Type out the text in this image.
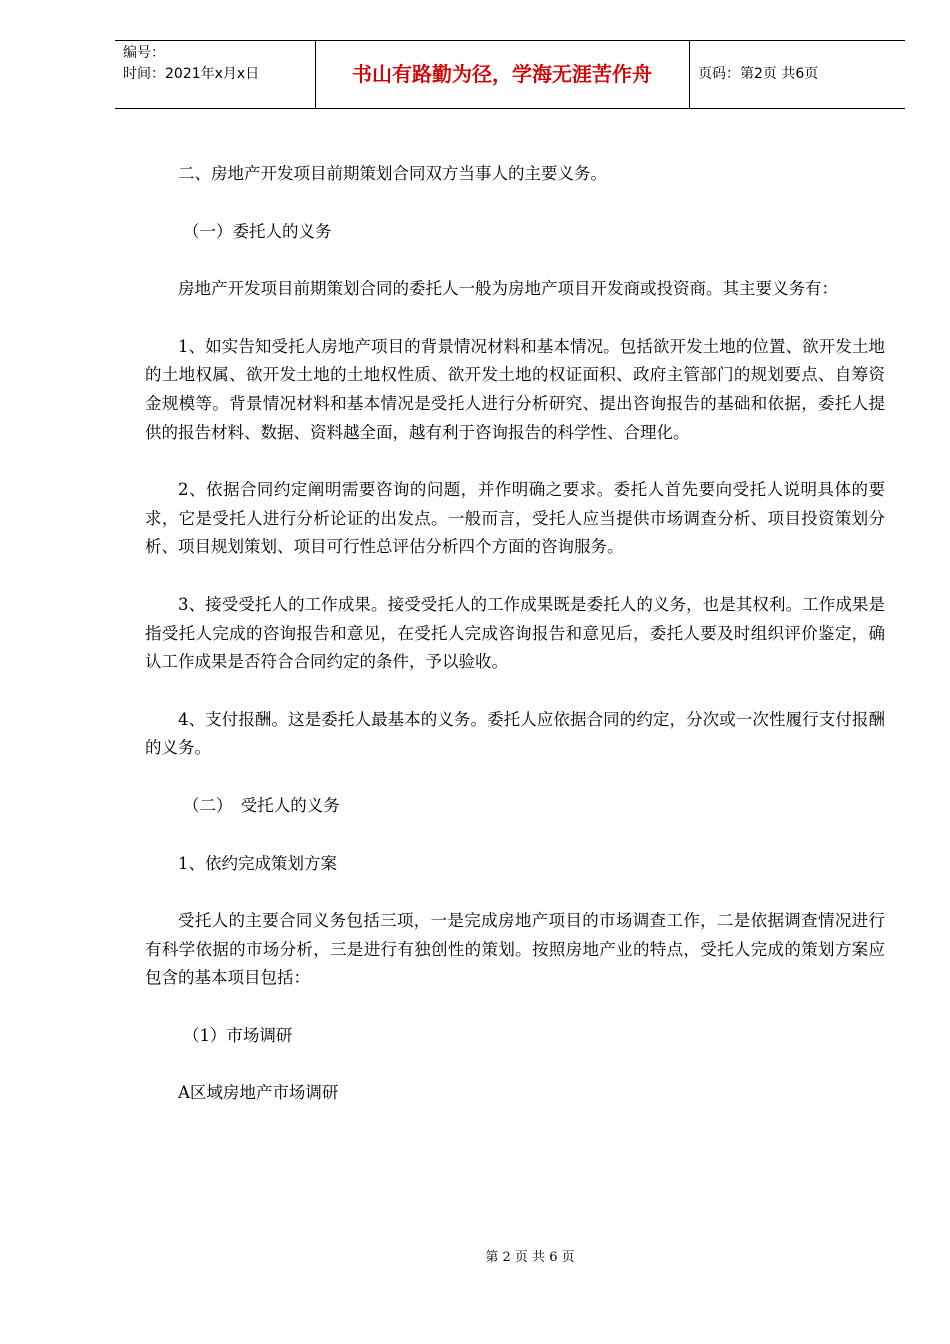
编号：
时间：2021年x月x日	书山有路勤为径，学海无涯苦作舟	页码：第2页 共6页

二、房地产开发项目前期策划合同双方当事人的主要义务。

（一）委托人的义务

房地产开发项目前期策划合同的委托人一般为房地产项目开发商或投资商。其主要义务有：

1、如实告知受托人房地产项目的背景情况材料和基本情况。包括欲开发土地的位置、欲开发土地的土地权属、欲开发土地的土地权性质、欲开发土地的权证面积、政府主管部门的规划要点、自筹资金规模等。背景情况材料和基本情况是受托人进行分析研究、提出咨询报告的基础和依据，委托人提供的报告材料、数据、资料越全面，越有利于咨询报告的科学性、合理化。

2、依据合同约定阐明需要咨询的问题，并作明确之要求。委托人首先要向受托人说明具体的要求，它是受托人进行分析论证的出发点。一般而言，受托人应当提供市场调查分析、项目投资策划分析、项目规划策划、项目可行性总评估分析四个方面的咨询服务。

3、接受受托人的工作成果。接受受托人的工作成果既是委托人的义务，也是其权利。工作成果是指受托人完成的咨询报告和意见，在受托人完成咨询报告和意见后，委托人要及时组织评价鉴定，确认工作成果是否符合合同约定的条件，予以验收。

4、支付报酬。这是委托人最基本的义务。委托人应依据合同的约定，分次或一次性履行支付报酬的义务。

（二）　受托人的义务

1、依约完成策划方案

受托人的主要合同义务包括三项，一是完成房地产项目的市场调查工作，二是依据调查情况进行有科学依据的市场分析，三是进行有独创性的策划。按照房地产业的特点，受托人完成的策划方案应包含的基本项目包括：

（1）市场调研

A区域房地产市场调研

第 2 页 共 6 页
